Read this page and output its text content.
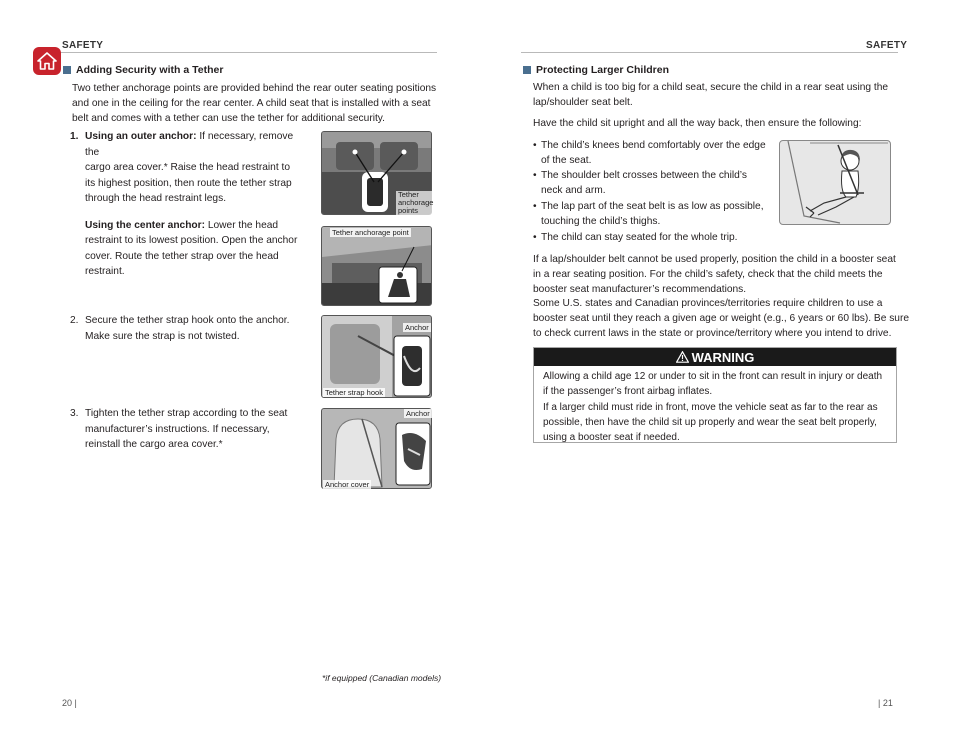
SAFETY
Adding Security with a Tether
Two tether anchorage points are provided behind the rear outer seating positions
and one in the ceiling for the rear center. A child seat that is installed with a seat
belt and comes with a tether can use the tether for additional security.
1. Using an outer anchor: If necessary, remove the
cargo area cover.* Raise the head restraint to
its highest position, then route the tether strap
through the head restraint legs.
Using the center anchor: Lower the head
restraint to its lowest position. Open the anchor
cover. Route the tether strap over the head
restraint.
2. Secure the tether strap hook onto the anchor.
Make sure the strap is not twisted.
3. Tighten the tether strap according to the seat
manufacturer’s instructions. If necessary,
reinstall the cargo area cover.*
Tether
anchorage
points
Tether anchorage point
Anchor
Tether strap hook
Anchor
Anchor cover
*if equipped (Canadian models)
20 |
SAFETY
Protecting Larger Children
When a child is too big for a child seat, secure the child in a rear seat using the
lap/shoulder seat belt.
Have the child sit upright and all the way back, then ensure the following:
• The child’s knees bend comfortably over the edge
of the seat.
• The shoulder belt crosses between the child’s
neck and arm.
• The lap part of the seat belt is as low as possible,
touching the child’s thighs.
• The child can stay seated for the whole trip.
If a lap/shoulder belt cannot be used properly, position the child in a booster seat
in a rear seating position. For the child’s safety, check that the child meets the
booster seat manufacturer’s recommendations.
Some U.S. states and Canadian provinces/territories require children to use a
booster seat until they reach a given age or weight (e.g., 6 years or 60 lbs). Be sure
to check current laws in the state or province/territory where you intend to drive.
WARNING
Allowing a child age 12 or under to sit in the front can result in injury or death
if the passenger’s front airbag inflates.
If a larger child must ride in front, move the vehicle seat as far to the rear as
possible, then have the child sit up properly and wear the seat belt properly,
using a booster seat if needed.
| 21
